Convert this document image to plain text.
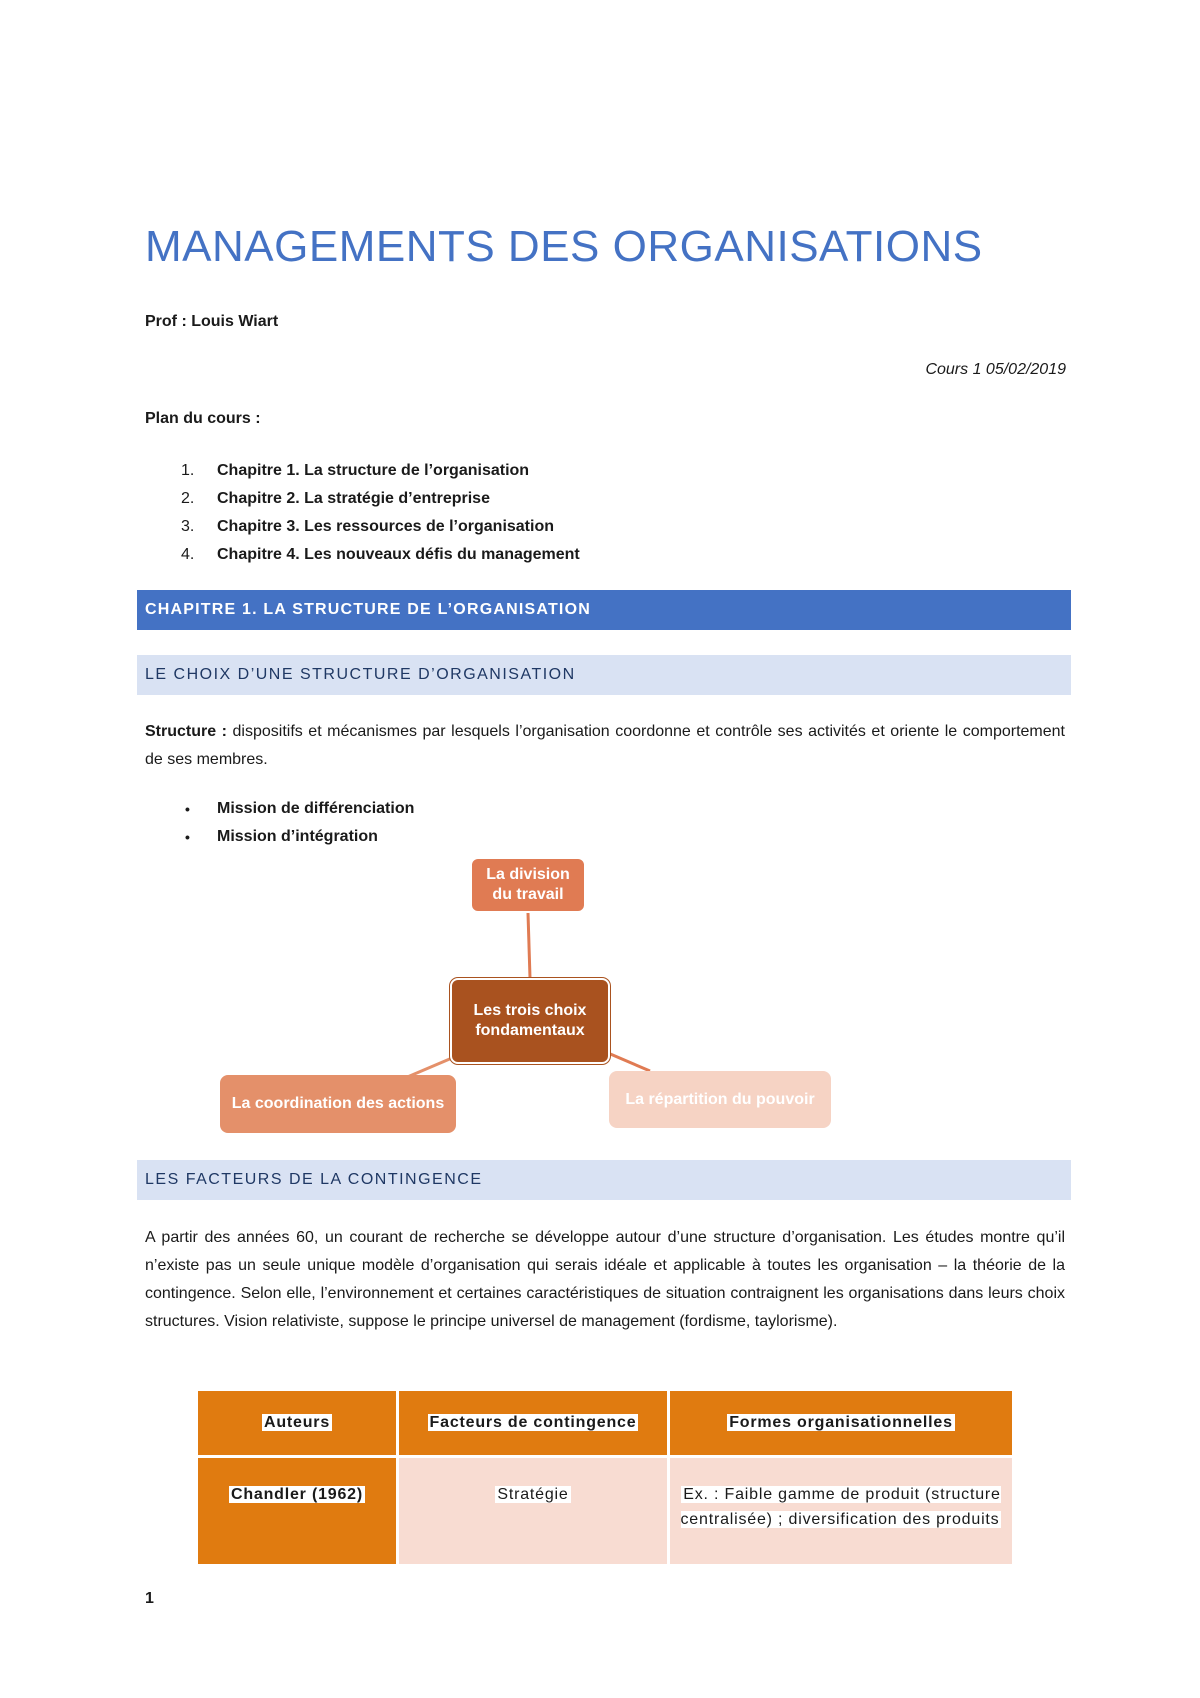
MANAGEMENTS DES ORGANISATIONS
Prof : Louis Wiart
Cours 1 05/02/2019
Plan du cours :
1.	Chapitre 1. La structure de l’organisation
2.	Chapitre 2. La stratégie d’entreprise
3.	Chapitre 3. Les ressources de l’organisation
4.	Chapitre 4. Les nouveaux défis du management
CHAPITRE 1. LA STRUCTURE DE L’ORGANISATION
LE CHOIX D’UNE STRUCTURE D’ORGANISATION

Structure : dispositifs et mécanismes par lesquels l’organisation coordonne et contrôle ses activités et oriente le comportement de ses membres.

•	Mission de différenciation
•	Mission d’intégration
La division du travail
Les trois choix fondamentaux
La coordination des actions	La répartition du pouvoir
LES FACTEURS DE LA CONTINGENCE

A partir des années 60, un courant de recherche se développe autour d’une structure d’organisation. Les études montre qu’il n’existe pas un seule unique modèle d’organisation qui serais idéale et applicable à toutes les organisation – la théorie de la contingence. Selon elle, l’environnement et certaines caractéristiques de situation contraignent les organisations dans leurs choix structures. Vision relativiste, suppose le principe universel de management (fordisme, taylorisme).

Auteurs	Facteurs de contingence	Formes organisationnelles
Chandler (1962)	Stratégie	Ex. : Faible gamme de produit (structure centralisée) ; diversification des produits
1
